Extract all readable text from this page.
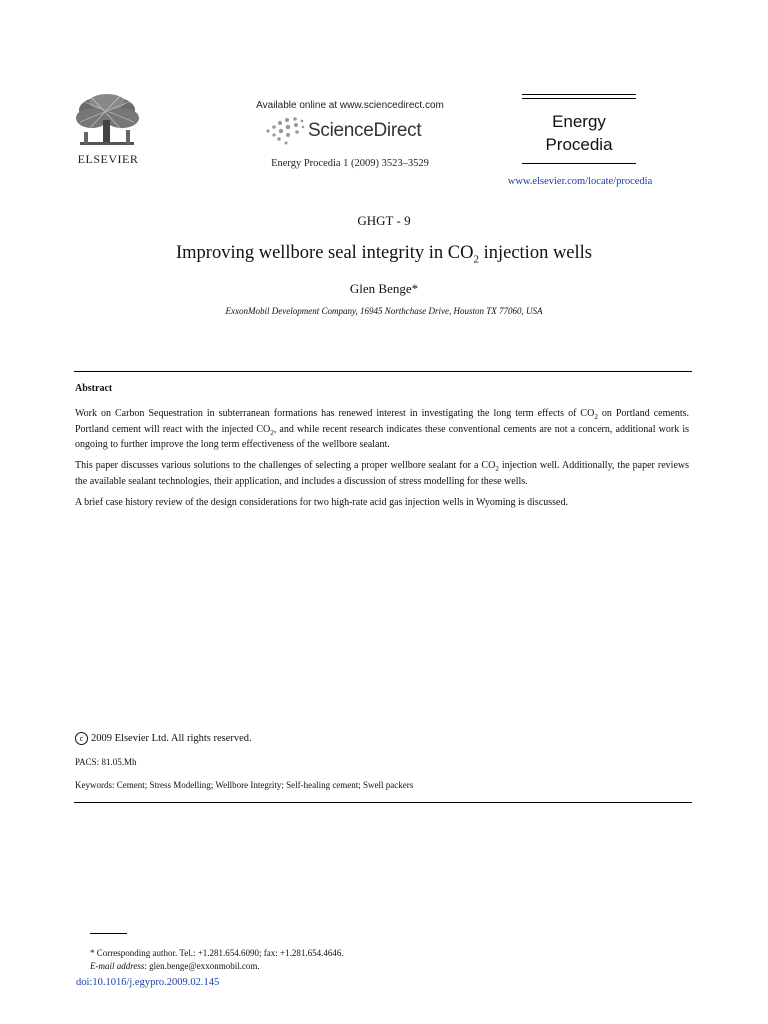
ELSEVIER
Available online at www.sciencedirect.com
ScienceDirect
Energy Procedia 1 (2009) 3523–3529
Energy
Procedia
www.elsevier.com/locate/procedia
GHGT - 9
Improving wellbore seal integrity in $CO_2$ injection wells
Glen Benge*
ExxonMobil Development Company, 16945 Northchase Drive, Houston TX 77060, USA
Abstract
Work on Carbon Sequestration in subterranean formations has renewed interest in investigating the long term effects of $CO_2$ on Portland cements. Portland cement will react with the injected $CO_2$, and while recent research indicates these conventional cements are not a concern, additional work is ongoing to further improve the long term effectiveness of the wellbore sealant.
This paper discusses various solutions to the challenges of selecting a proper wellbore sealant for a $CO_2$ injection well. Additionally, the paper reviews the available sealant technologies, their application, and includes a discussion of stress modelling for these wells.
A brief case history review of the design considerations for two high-rate acid gas injection wells in Wyoming is discussed.
c 2009 Elsevier Ltd. All rights reserved.
PACS: 81.05.Mh
Keywords: Cement; Stress Modelling; Wellbore Integrity; Self-healing cement; Swell packers
* Corresponding author. Tel.: +1.281.654.6090; fax: +1.281.654.4646.
E-mail address: glen.benge@exxonmobil.com.
doi:10.1016/j.egypro.2009.02.145
